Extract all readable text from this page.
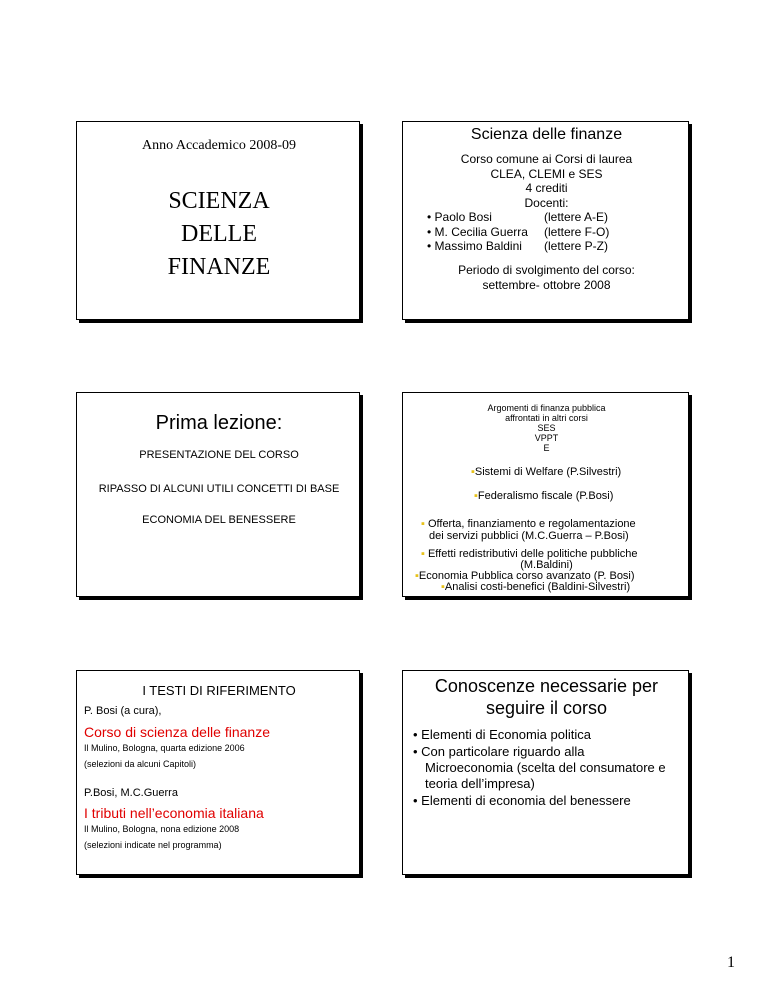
Anno Accademico 2008-09
SCIENZA
DELLE
FINANZE
Scienza delle finanze
Corso comune ai Corsi di laurea
CLEA, CLEMI e SES
4 crediti
Docenti:
• Paolo Bosi	(lettere A-E)
• M. Cecilia Guerra (lettere F-O)
• Massimo Baldini (lettere P-Z)
Periodo di svolgimento del corso:
settembre- ottobre 2008
Prima lezione:
PRESENTAZIONE DEL CORSO
RIPASSO DI ALCUNI UTILI CONCETTI DI BASE
ECONOMIA DEL BENESSERE
Argomenti di finanza pubblica
affrontati in altri corsi
SES
VPPT
E
▪Sistemi di Welfare (P.Silvestri)
▪Federalismo fiscale (P.Bosi)
▪ Offerta, finanziamento e regolamentazione
dei servizi pubblici (M.C.Guerra – P.Bosi)
▪ Effetti redistributivi delle politiche pubbliche
(M.Baldini)
▪Economia Pubblica corso avanzato (P. Bosi)
▪Analisi costi-benefici (Baldini-Silvestri)
I TESTI DI RIFERIMENTO
P. Bosi (a cura),
Corso di scienza delle finanze
Il Mulino, Bologna, quarta edizione 2006
(selezioni da alcuni Capitoli)
P.Bosi, M.C.Guerra
I tributi nell’economia italiana
Il Mulino, Bologna, nona edizione 2008
(selezioni indicate nel programma)
Conoscenze necessarie per
seguire il corso
• Elementi di Economia politica
• Con particolare riguardo alla
Microeconomia (scelta del consumatore e
teoria dell’impresa)
• Elementi di economia del benessere
1
